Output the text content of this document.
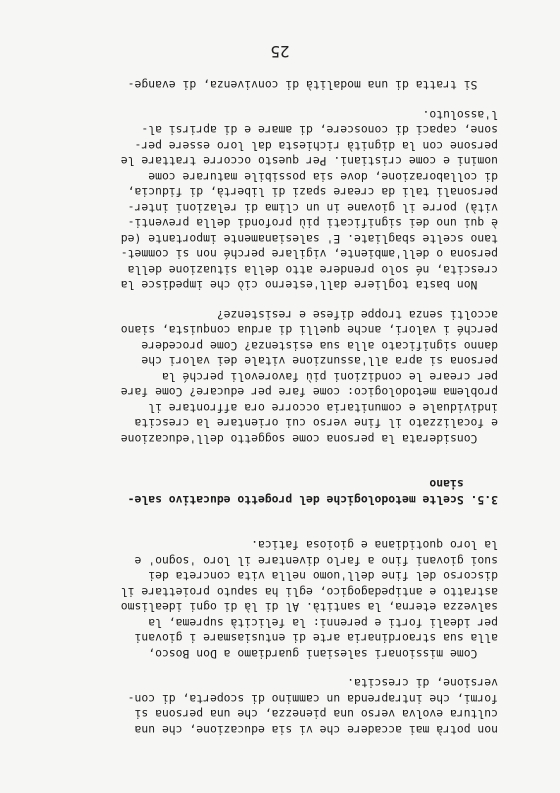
non potrà mai accadere che vi sia educazione, che una
cultura evolva verso una pienezza, che una persona si
formi, che intraprenda un cammino di scoperta, di con-
versione, di crescita.
Come missionari salesiani guardiamo a Don Bosco,
alla sua straordinaria arte di entusiasmare i giovani
per ideali forti e perenni: la felicità suprema, la
salvezza eterna, la santità. Al di là di ogni idealismo
astratto e antipedagogico, egli ha saputo proiettare il
discorso del fine dell'uomo nella vita concreta dei
suoi giovani fino a farlo diventare il loro 'sogno' e
la loro quotidiana e gioiosa fatica.
3.5. Scelte metodologiche del progetto educativo sale-
siano
Considerata la persona come soggetto dell'educazione
e focalizzato il fine verso cui orientare la crescita
individuale e comunitaria occorre ora affrontare il
problema metodologico: come fare per educare? Come fare
per creare le condizioni più favorevoli perché la
persona si apra all'assunzione vitale dei valori che
danno significato alla sua esistenza? Come procedere
perché i valori, anche quelli di ardua conquista, siano
accolti senza troppe difese e resistenze?
Non basta togliere dall'esterno ciò che impedisce la
crescita, né solo prendere atto della situazione della
persona o dell'ambiente, vigilare perché non si commet-
tano scelte sbagliate. E' salesianamente importante (ed
è qui uno dei significati più profondi della preventi-
vità) porre il giovane in un clima di relazioni inter-
personali tali da creare spazi di libertà, di fiducia,
di collaborazione, dove sia possibile maturare come
uomini e come cristiani. Per questo occorre trattare le
persone con la dignità richiesta dal loro essere per-
sone, capaci di conoscere, di amare e di aprirsi al-
l'assoluto.
Si tratta di una modalità di convivenza, di evange-
25
